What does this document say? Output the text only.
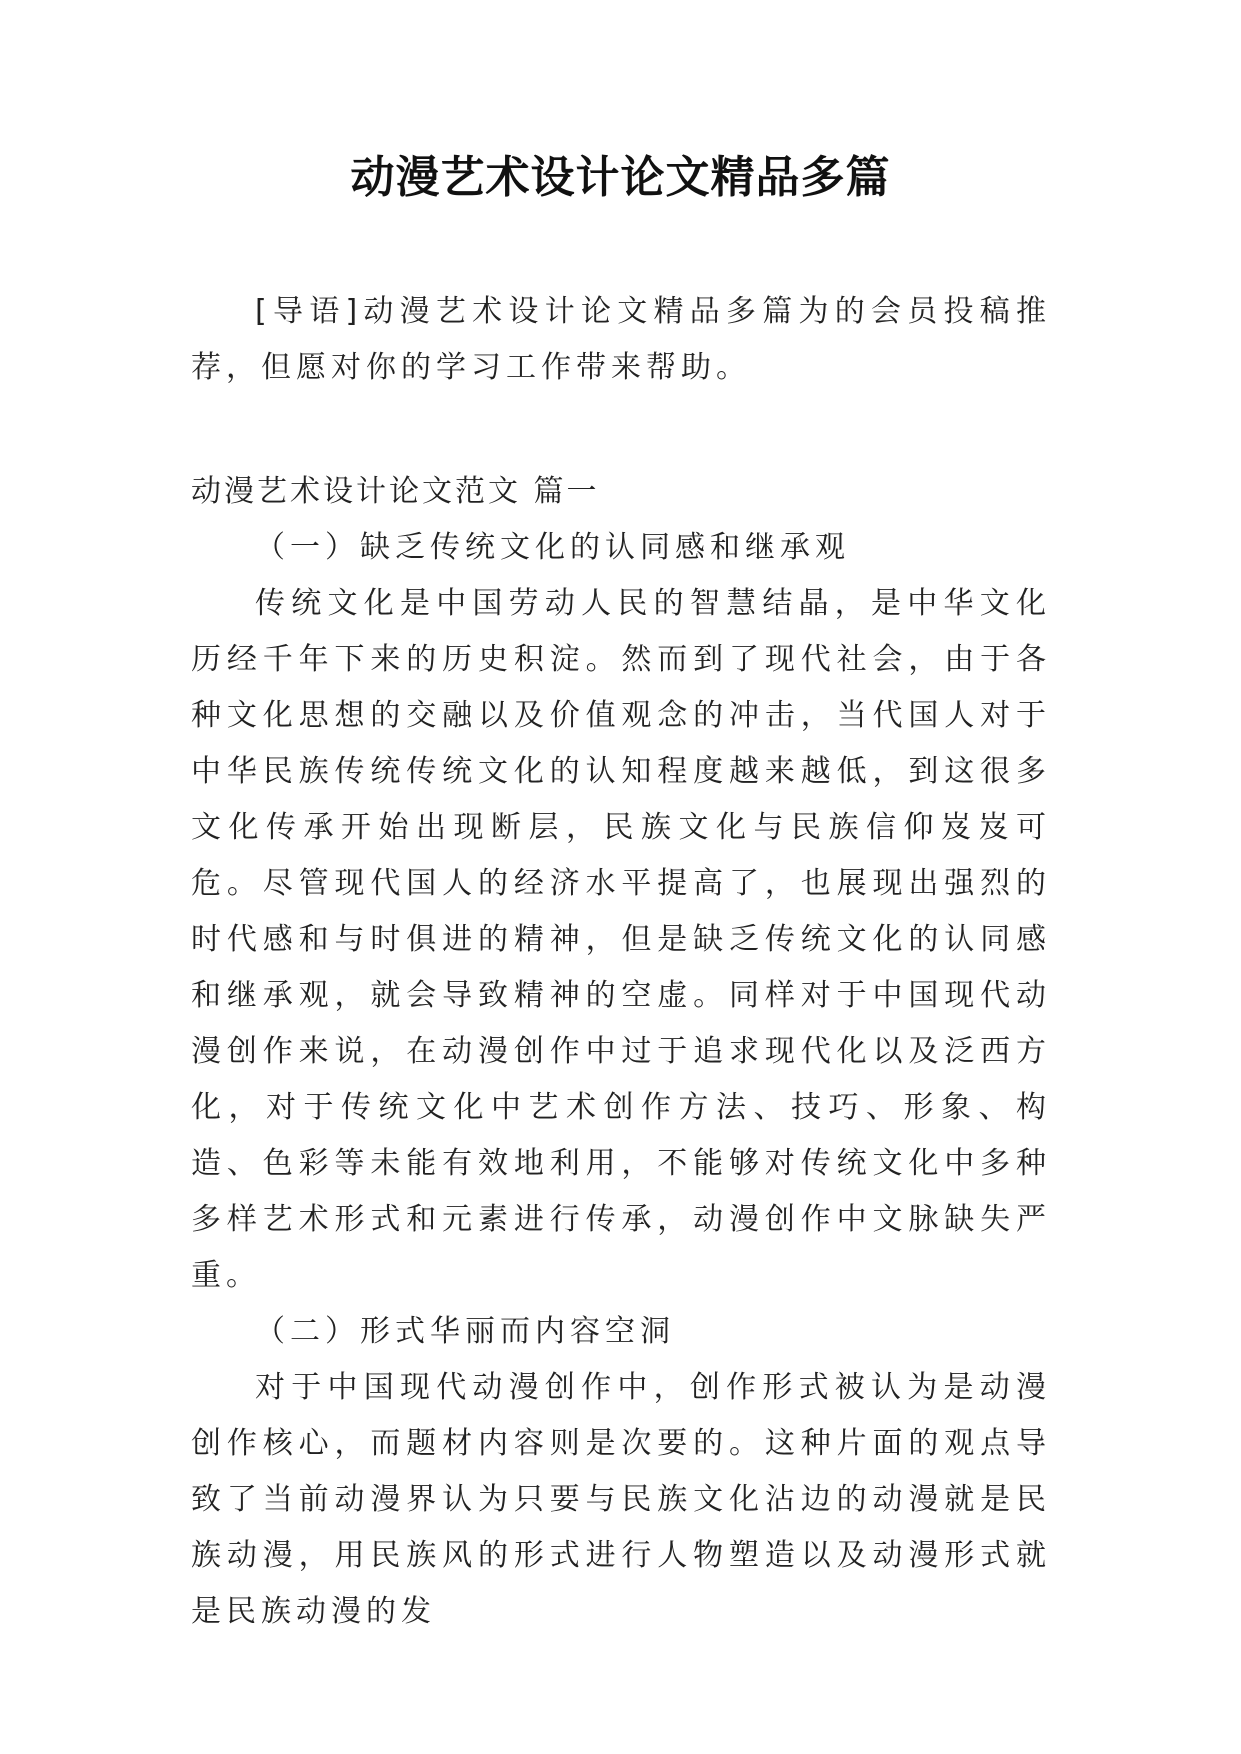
动漫艺术设计论文精品多篇

[导语]动漫艺术设计论文精品多篇为的会员投稿推荐，但愿对你的学习工作带来帮助。

动漫艺术设计论文范文 篇一

（一）缺乏传统文化的认同感和继承观

传统文化是中国劳动人民的智慧结晶，是中华文化历经千年下来的历史积淀。然而到了现代社会，由于各种文化思想的交融以及价值观念的冲击，当代国人对于中华民族传统传统文化的认知程度越来越低，到这很多文化传承开始出现断层，民族文化与民族信仰岌岌可危。尽管现代国人的经济水平提高了，也展现出强烈的时代感和与时俱进的精神，但是缺乏传统文化的认同感和继承观，就会导致精神的空虚。同样对于中国现代动漫创作来说，在动漫创作中过于追求现代化以及泛西方化，对于传统文化中艺术创作方法、技巧、形象、构造、色彩等未能有效地利用，不能够对传统文化中多种多样艺术形式和元素进行传承，动漫创作中文脉缺失严重。

（二）形式华丽而内容空洞

对于中国现代动漫创作中，创作形式被认为是动漫创作核心，而题材内容则是次要的。这种片面的观点导致了当前动漫界认为只要与民族文化沾边的动漫就是民族动漫，用民族风的形式进行人物塑造以及动漫形式就是民族动漫的发
